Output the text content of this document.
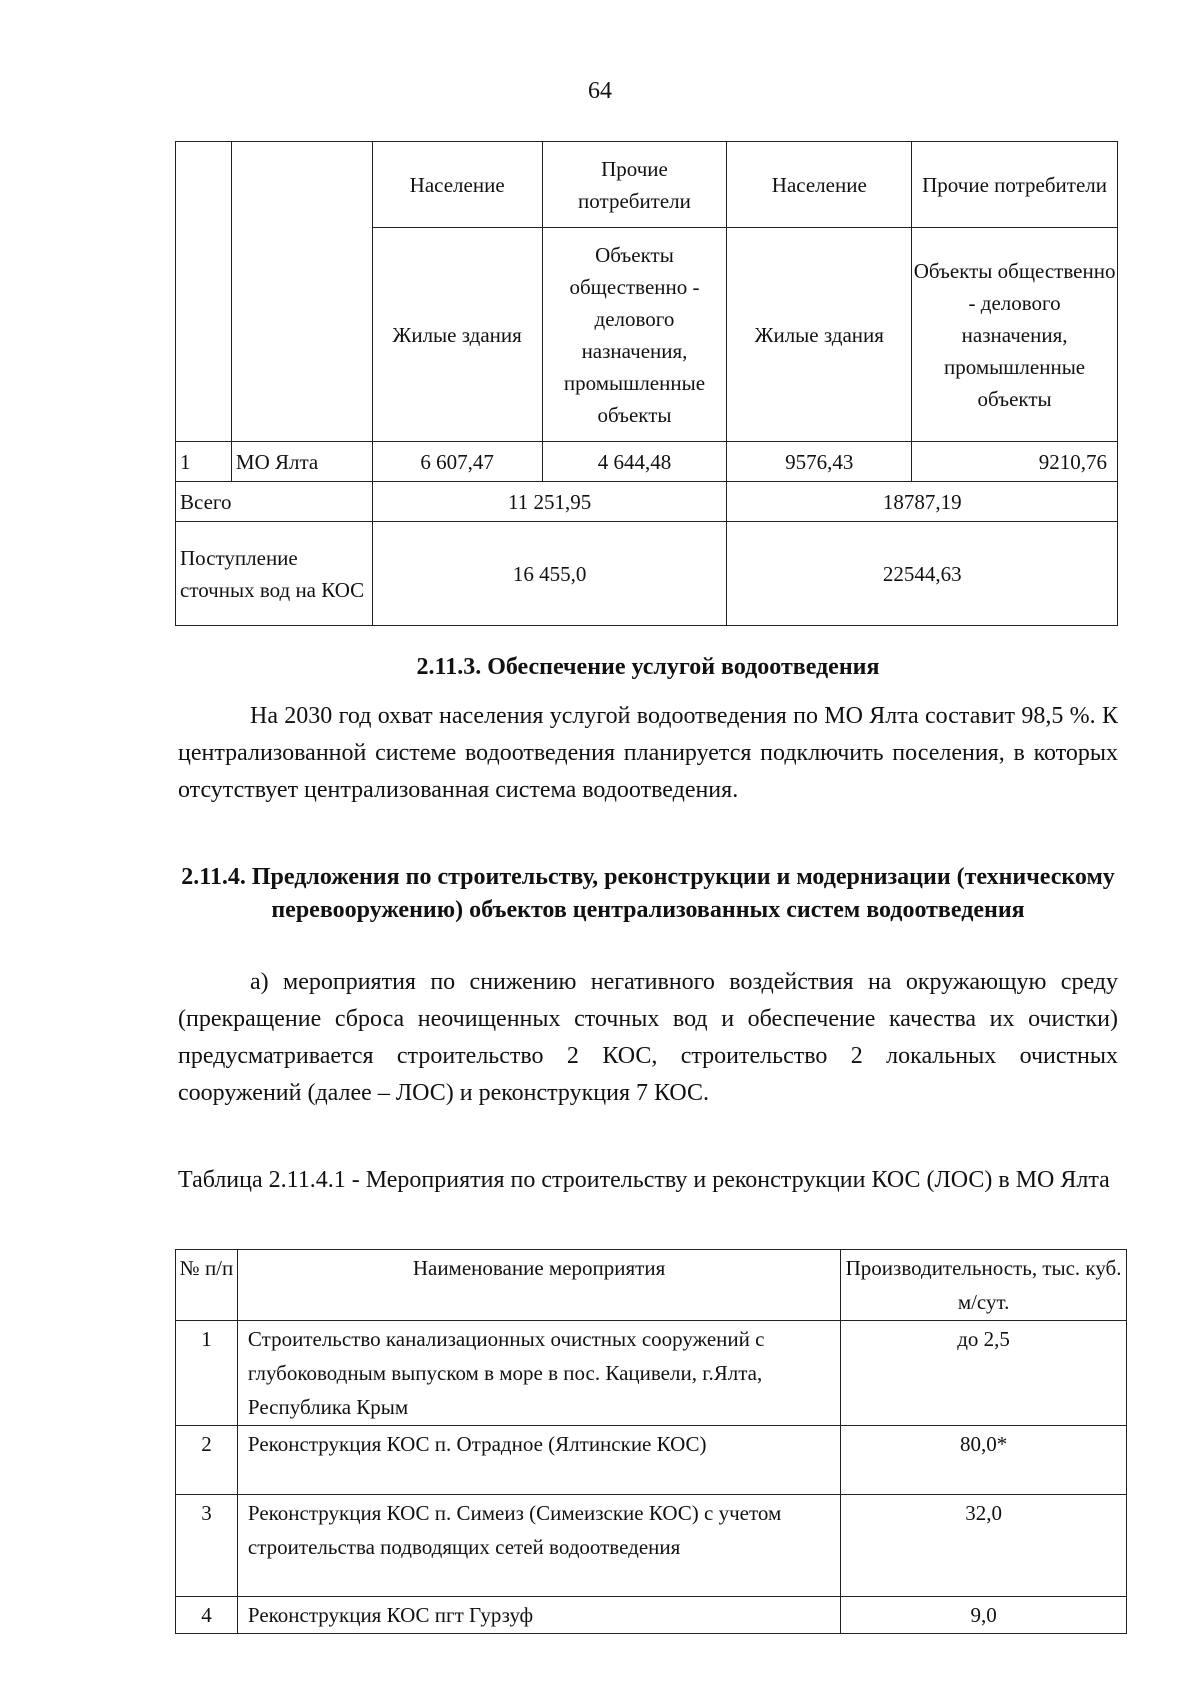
64
		Население	Прочие потребители	Население	Прочие потребители
		Жилые здания	Объекты общественно - делового назначения, промышленные объекты	Жилые здания	Объекты общественно - делового назначения, промышленные объекты
1	МО Ялта	6 607,47	4 644,48	9576,43	9210,76
Всего		11 251,95		18787,19	
Поступление сточных вод на КОС		16 455,0		22544,63	
2.11.3. Обеспечение услугой водоотведения
На 2030 год охват населения услугой водоотведения по МО Ялта составит 98,5 %. К централизованной системе водоотведения планируется подключить поселения, в которых отсутствует централизованная система водоотведения.
2.11.4. Предложения по строительству, реконструкции и модернизации (техническому перевооружению) объектов централизованных систем водоотведения
а) мероприятия по снижению негативного воздействия на окружающую среду (прекращение сброса неочищенных сточных вод и обеспечение качества их очистки) предусматривается строительство 2 КОС, строительство 2 локальных очистных сооружений (далее – ЛОС) и реконструкция 7 КОС.
Таблица 2.11.4.1 - Мероприятия по строительству и реконструкции КОС (ЛОС) в МО Ялта
№ п/п	Наименование мероприятия	Производительность, тыс. куб. м/сут.
1	Строительство канализационных очистных сооружений с глубоководным выпуском в море в пос. Кацивели, г.Ялта, Республика Крым	до 2,5
2	Реконструкция КОС п. Отрадное (Ялтинские КОС)	80,0*
3	Реконструкция КОС п. Симеиз (Симеизские КОС) с учетом строительства подводящих сетей водоотведения	32,0
4	Реконструкция КОС пгт Гурзуф	9,0
